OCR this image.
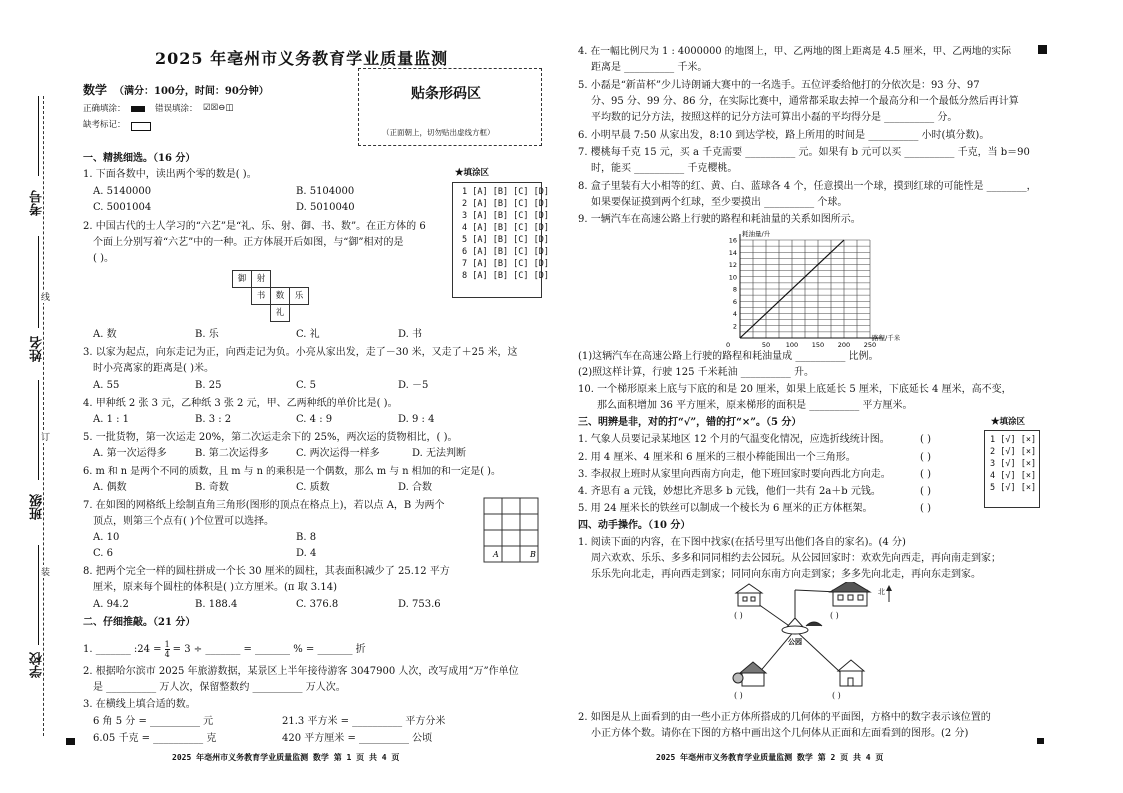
考号
姓名
班级
学校
线
订
装
2025 年亳州市义务教育学业质量监测
数学 （满分：100分，时间：90分钟）
正确填涂：	错误填涂： ☑☒⊖◫
缺考标记：
贴条形码区
（正面朝上，切勿贴出虚线方框）
一、精挑细选。（16 分）
★填涂区
1 [A] [B] [C] [D]
2 [A] [B] [C] [D]
3 [A] [B] [C] [D]
4 [A] [B] [C] [D]
5 [A] [B] [C] [D]
6 [A] [B] [C] [D]
7 [A] [B] [C] [D]
8 [A] [B] [C] [D]
1. 下面各数中，读出两个零的数是( )。
A. 5140000	B. 5104000
C. 5001004	D. 5010040
2. 中国古代的士人学习的“六艺”是“礼、乐、射、御、书、数”。在正方体的 6
个面上分别写着“六艺”中的一种。正方体展开后如图，与“御”相对的是
( )。
御	射
书	数	乐
礼
A. 数	B. 乐	C. 礼	D. 书
3. 以家为起点，向东走记为正，向西走记为负。小亮从家出发，走了－30 米，又走了＋25 米，这
时小亮离家的距离是( )米。
A. 55	B. 25	C. 5	D. －5
4. 甲种纸 2 张 3 元，乙种纸 3 张 2 元，甲、乙两种纸的单价比是( )。
A. 1 : 1	B. 3 : 2	C. 4 : 9	D. 9 : 4
5. 一批货物，第一次运走 20%，第二次运走余下的 25%，两次运的货物相比，( )。
A. 第一次运得多	B. 第二次运得多	C. 两次运得一样多	D. 无法判断
6. m 和 n 是两个不同的质数，且 m 与 n 的乘积是一个偶数，那么 m 与 n 相加的和一定是( )。
A. 偶数	B. 奇数	C. 质数	D. 合数
7. 在如图的网格纸上绘制直角三角形(图形的顶点在格点上)，若以点 A，B 为两个
顶点，则第三个点有( )个位置可以选择。
A. 10	B. 8
C. 6	D. 4	A	B
8. 把两个完全一样的圆柱拼成一个长 30 厘米的圆柱，其表面积减少了 25.12 平方
厘米，原来每个圆柱的体积是( )立方厘米。(π 取 3.14)
A. 94.2	B. 188.4	C. 376.8	D. 753.6
二、仔细推敲。（21 分）
1. _______ :24 = $\frac{1}{4} = 3$ ÷ _______ = _______ % = _______ 折
2. 根据哈尔滨市 2025 年旅游数据，某景区上半年接待游客 3047900 人次，改写成用“万”作单位
是 __________ 万人次，保留整数约 __________ 万人次。
3. 在横线上填合适的数。
6 角 5 分 = __________ 元	21.3 平方米 = __________ 平方分米
6.05 千克 = __________ 克	420 平方厘米 = __________ 公顷
2025 年亳州市义务教育学业质量监测 数学 第 1 页 共 4 页
4. 在一幅比例尺为 1 : 4000000 的地图上，甲、乙两地的图上距离是 4.5 厘米，甲、乙两地的实际
距离是 __________ 千米。
5. 小磊是“新苗杯”少儿诗朗诵大赛中的一名选手。五位评委给他打的分依次是：93 分、97
分、95 分、99 分、86 分，在实际比赛中，通常都采取去掉一个最高分和一个最低分然后再计算
平均数的记分方法，按照这样的记分方法可算出小磊的平均得分是 __________ 分。
6. 小明早晨 7:50 从家出发，8:10 到达学校，路上所用的时间是 __________ 小时(填分数)。
7. 樱桃每千克 15 元，买 a 千克需要 __________ 元。如果有 b 元可以买 __________ 千克，当 b＝90
时，能买 __________ 千克樱桃。
8. 盒子里装有大小相等的红、黄、白、蓝球各 4 个，任意摸出一个球，摸到红球的可能性是 ________，
如果要保证摸到两个红球，至少要摸出 __________ 个球。
9. 一辆汽车在高速公路上行驶的路程和耗油量的关系如图所示。
2
4
6
8
10
12
14
16
50 100 150 200 250
0
耗油量/升
路程/千米
(1)这辆汽车在高速公路上行驶的路程和耗油量成 __________ 比例。
(2)照这样计算，行驶 125 千米耗油 __________ 升。
10. 一个梯形原来上底与下底的和是 20 厘米，如果上底延长 5 厘米，下底延长 4 厘米，高不变，
那么面积增加 36 平方厘米，原来梯形的面积是 __________ 平方厘米。
三、明辨是非，对的打“√”，错的打“×”。（5 分）
1. 气象人员要记录某地区 12 个月的气温变化情况，应选折线统计图。
2. 用 4 厘米、4 厘米和 6 厘米的三根小棒能围出一个三角形。
3. 李叔叔上班时从家里向西南方向走，他下班回家时要向西北方向走。
4. 齐思有 a 元钱，妙想比齐思多 b 元钱，他们一共有 2a＋b 元钱。
5. 用 24 厘米长的铁丝可以制成一个棱长为 6 厘米的正方体框架。
( )
( )
( )
( )
( )
★填涂区
1 [√] [×]
2 [√] [×]
3 [√] [×]
4 [√] [×]
5 [√] [×]
四、动手操作。（10 分）
1. 阅读下面的内容，在下图中找家(在括号里写出他们各自的家名)。(4 分)
周六欢欢、乐乐、多多和同同相约去公园玩。从公园回家时：欢欢先向西走，再向南走到家；
乐乐先向北走，再向西走到家；同同向东南方向走到家；多多先向北走，再向东走到家。
公园
( )	( )
( )	( )
北
2. 如图是从上面看到的由一些小正方体所搭成的几何体的平面图，方格中的数字表示该位置的
小正方体个数。请你在下图的方格中画出这个几何体从正面和左面看到的图形。(2 分)
2025 年亳州市义务教育学业质量监测 数学 第 2 页 共 4 页
